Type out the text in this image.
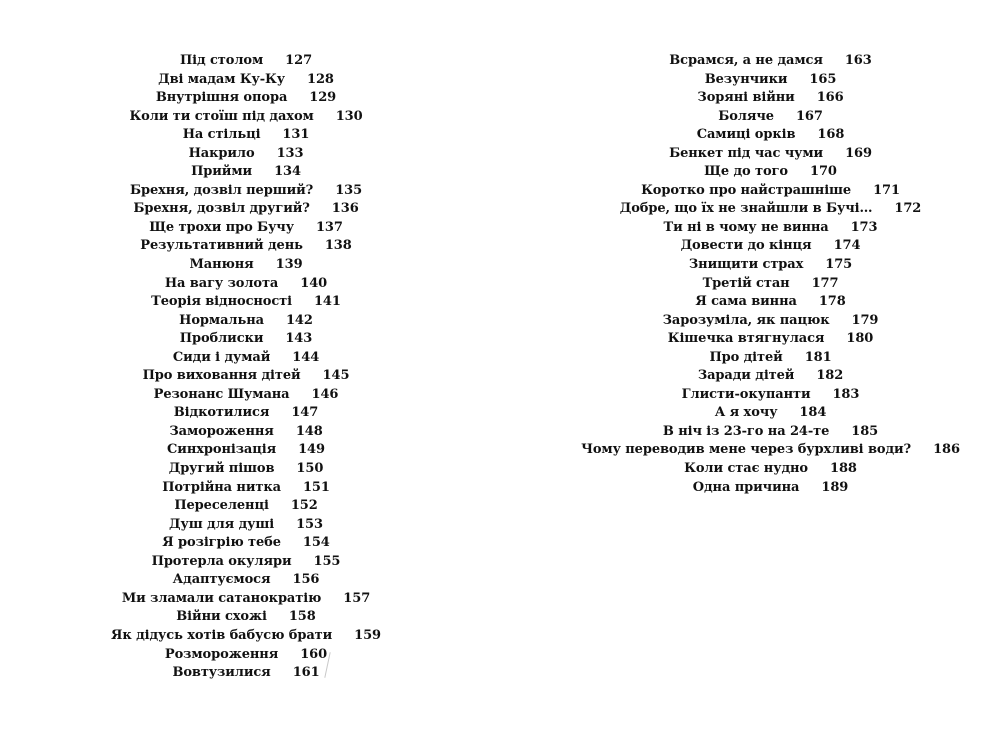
Під столом 127
Дві мадам Ку-Ку 128
Внутрішня опора 129
Коли ти стоїш під дахом 130
На стільці 131
Накрило 133
Прийми 134
Брехня, дозвіл перший? 135
Брехня, дозвіл другий? 136
Ще трохи про Бучу 137
Результативний день 138
Манюня 139
На вагу золота 140
Теорія відносності 141
Нормальна 142
Проблиски 143
Сиди і думай 144
Про виховання дітей 145
Резонанс Шумана 146
Відкотилися 147
Замороження 148
Синхронізація 149
Другий пішов 150
Потрійна нитка 151
Переселенці 152
Душ для душі 153
Я розігрію тебе 154
Протерла окуляри 155
Адаптуємося 156
Ми зламали сатанократію 157
Війни схожі 158
Як дідусь хотів бабусю брати 159
Розмороження 160
Вовтузилися 161
Всрамся, а не дамся 163
Везунчики 165
Зоряні війни 166
Боляче 167
Самиці орків 168
Бенкет під час чуми 169
Ще до того 170
Коротко про найстрашніше 171
Добре, що їх не знайшли в Бучі… 172
Ти ні в чому не винна 173
Довести до кінця 174
Знищити страх 175
Третій стан 177
Я сама винна 178
Зарозуміла, як пацюк 179
Кішечка втягнулася 180
Про дітей 181
Заради дітей 182
Глисти-окупанти 183
А я хочу 184
В ніч із 23-го на 24-те 185
Чому переводив мене через бурхливі води? 186
Коли стає нудно 188
Одна причина 189
